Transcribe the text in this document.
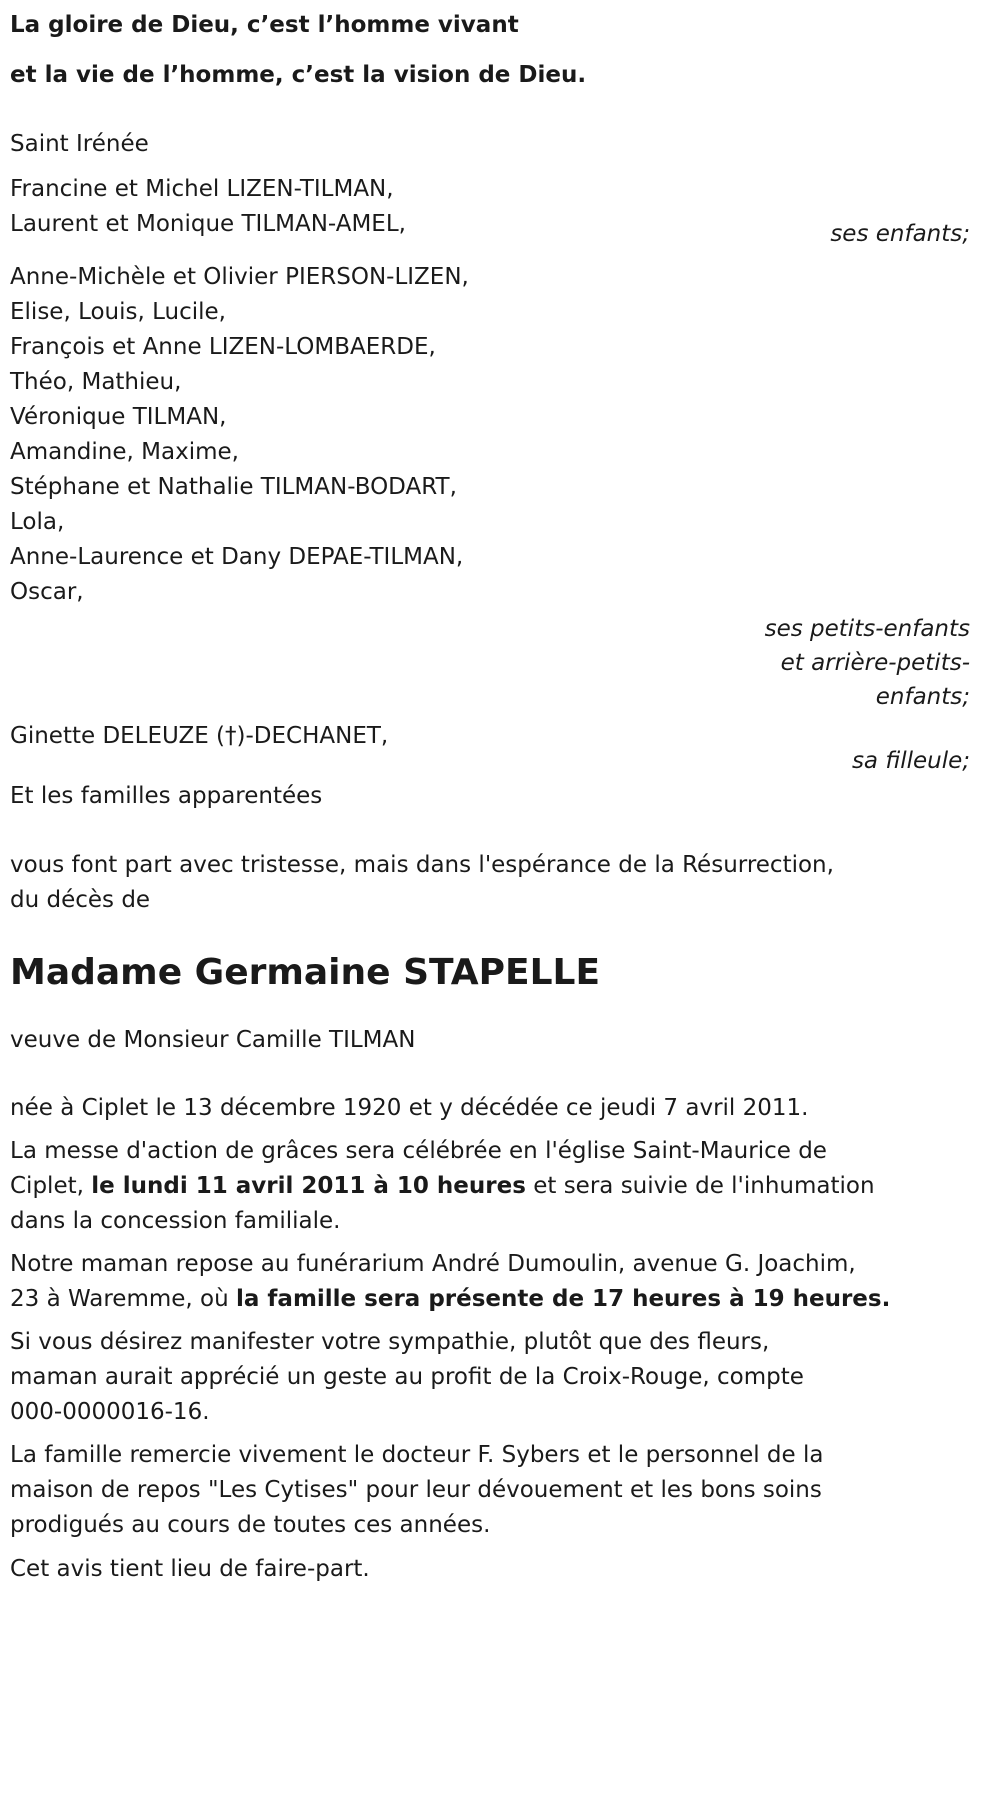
La gloire de Dieu, c’est l’homme vivant
et la vie de l’homme, c’est la vision de Dieu.

Saint Irénée

Francine et Michel LIZEN-TILMAN,
Laurent et Monique TILMAN-AMEL,	ses enfants;
Anne-Michèle et Olivier PIERSON-LIZEN,
Elise, Louis, Lucile,
François et Anne LIZEN-LOMBAERDE,
Théo, Mathieu,
Véronique TILMAN,
Amandine, Maxime,
Stéphane et Nathalie TILMAN-BODART,
Lola,
Anne-Laurence et Dany DEPAE-TILMAN,
Oscar,
ses petits-enfants
et arrière-petits-
enfants;
Ginette DELEUZE (†)-DECHANET,
sa filleule;

Et les familles apparentées

vous font part avec tristesse, mais dans l'espérance de la Résurrection,
du décès de
Madame Germaine STAPELLE

veuve de Monsieur Camille TILMAN

née à Ciplet le 13 décembre 1920 et y décédée ce jeudi 7 avril 2011.

La messe d'action de grâces sera célébrée en l'église Saint-Maurice de
Ciplet, le lundi 11 avril 2011 à 10 heures et sera suivie de l'inhumation
dans la concession familiale.
Notre maman repose au funérarium André Dumoulin, avenue G. Joachim,
23 à Waremme, où la famille sera présente de 17 heures à 19 heures.
Si vous désirez manifester votre sympathie, plutôt que des fleurs,
maman aurait apprécié un geste au profit de la Croix-Rouge, compte
000-0000016-16.
La famille remercie vivement le docteur F. Sybers et le personnel de la
maison de repos "Les Cytises" pour leur dévouement et les bons soins
prodigués au cours de toutes ces années.

Cet avis tient lieu de faire-part.
